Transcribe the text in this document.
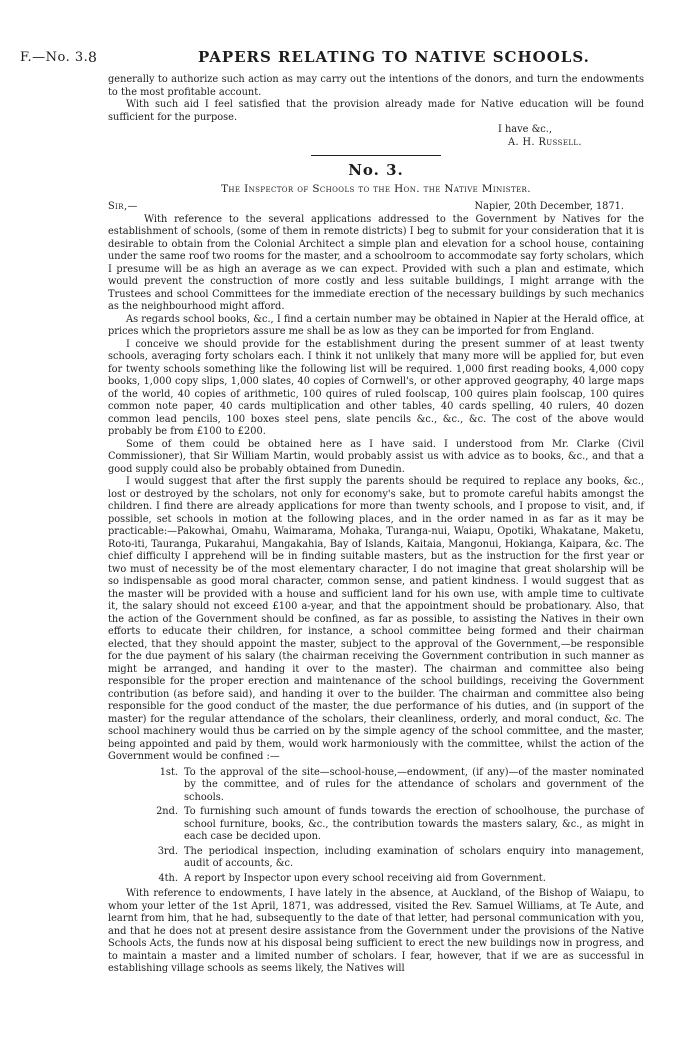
F.—No. 3. 8	PAPERS RELATING TO NATIVE SCHOOLS.

generally to authorize such action as may carry out the intentions of the donors, and turn the endowments to the most profitable account.

With such aid I feel satisfied that the provision already made for Native education will be found sufficient for the purpose.

I have &c.,

A. H. Russell.

No. 3.
The Inspector of Schools to the Hon. the Native Minister.
Sir,—	Napier, 20th December, 1871.

With reference to the several applications addressed to the Government by Natives for the establishment of schools, (some of them in remote districts) I beg to submit for your consideration that it is desirable to obtain from the Colonial Architect a simple plan and elevation for a school house, containing under the same roof two rooms for the master, and a schoolroom to accommodate say forty scholars, which I presume will be as high an average as we can expect. Provided with such a plan and estimate, which would prevent the construction of more costly and less suitable buildings, I might arrange with the Trustees and school Committees for the immediate erection of the necessary buildings by such mechanics as the neighbourhood might afford.

As regards school books, &c., I find a certain number may be obtained in Napier at the Herald office, at prices which the proprietors assure me shall be as low as they can be imported for from England.

I conceive we should provide for the establishment during the present summer of at least twenty schools, averaging forty scholars each. I think it not unlikely that many more will be applied for, but even for twenty schools something like the following list will be required. 1,000 first reading books, 4,000 copy books, 1,000 copy slips, 1,000 slates, 40 copies of Cornwell's, or other approved geography, 40 large maps of the world, 40 copies of arithmetic, 100 quires of ruled foolscap, 100 quires plain foolscap, 100 quires common note paper, 40 cards multiplication and other tables, 40 cards spelling, 40 rulers, 40 dozen common lead pencils, 100 boxes steel pens, slate pencils &c., &c., &c. The cost of the above would probably be from £100 to £200.

Some of them could be obtained here as I have said. I understood from Mr. Clarke (Civil Commissioner), that Sir William Martin, would probably assist us with advice as to books, &c., and that a good supply could also be probably obtained from Dunedin.

I would suggest that after the first supply the parents should be required to replace any books, &c., lost or destroyed by the scholars, not only for economy's sake, but to promote careful habits amongst the children. I find there are already applications for more than twenty schools, and I propose to visit, and, if possible, set schools in motion at the following places, and in the order named in as far as it may be practicable:—Pakowhai, Omahu, Waimarama, Mohaka, Turanga-nui, Waiapu, Opotiki, Whakatane, Maketu, Roto-iti, Tauranga, Pukarahui, Mangakahia, Bay of Islands, Kaitaia, Mangonui, Hokianga, Kaipara, &c. The chief difficulty I apprehend will be in finding suitable masters, but as the instruction for the first year or two must of necessity be of the most elementary character, I do not imagine that great sholarship will be so indispensable as good moral character, common sense, and patient kindness. I would suggest that as the master will be provided with a house and sufficient land for his own use, with ample time to cultivate it, the salary should not exceed £100 a-year, and that the appointment should be probationary. Also, that the action of the Government should be confined, as far as possible, to assisting the Natives in their own efforts to educate their children, for instance, a school committee being formed and their chairman elected, that they should appoint the master, subject to the approval of the Government,—be responsible for the due payment of his salary (the chairman receiving the Government contribution in such manner as might be arranged, and handing it over to the master). The chairman and committee also being responsible for the proper erection and maintenance of the school buildings, receiving the Government contribution (as before said), and handing it over to the builder. The chairman and committee also being responsible for the good conduct of the master, the due performance of his duties, and (in support of the master) for the regular attendance of the scholars, their cleanliness, orderly, and moral conduct, &c. The school machinery would thus be carried on by the simple agency of the school committee, and the master, being appointed and paid by them, would work harmoniously with the committee, whilst the action of the Government would be confined :—

1st. To the approval of the site—school-house,—endowment, (if any)—of the master nominated by the committee, and of rules for the attendance of scholars and government of the schools.
2nd. To furnishing such amount of funds towards the erection of schoolhouse, the purchase of school furniture, books, &c., the contribution towards the masters salary, &c., as might in each case be decided upon.
3rd. The periodical inspection, including examination of scholars enquiry into management, audit of accounts, &c.
4th. A report by Inspector upon every school receiving aid from Government.

With reference to endowments, I have lately in the absence, at Auckland, of the Bishop of Waiapu, to whom your letter of the 1st April, 1871, was addressed, visited the Rev. Samuel Williams, at Te Aute, and learnt from him, that he had, subsequently to the date of that letter, had personal communication with you, and that he does not at present desire assistance from the Government under the provisions of the Native Schools Acts, the funds now at his disposal being sufficient to erect the new buildings now in progress, and to maintain a master and a limited number of scholars. I fear, however, that if we are as successful in establishing village schools as seems likely, the Natives will
